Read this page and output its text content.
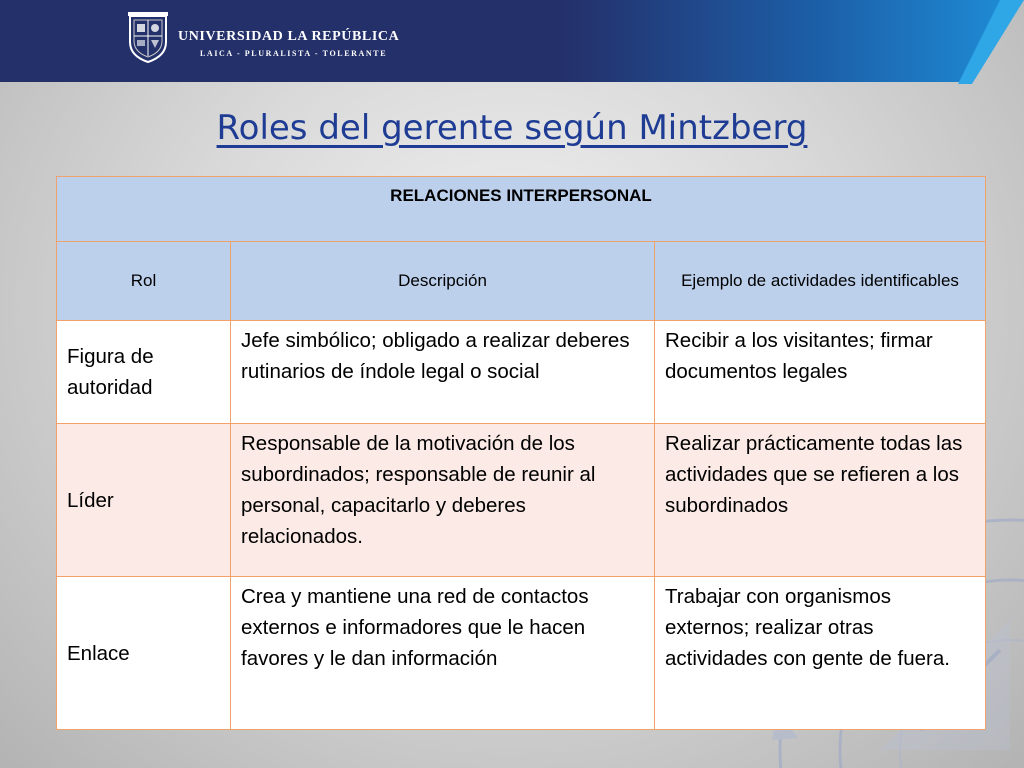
UNIVERSIDAD LA REPÚBLICA
LAICA - PLURALISTA - TOLERANTE
Roles del gerente según Mintzberg
RELACIONES INTERPERSONAL		

Rol	Descripción	Ejemplo de actividades identificables
Figura de autoridad	Jefe simbólico; obligado a realizar deberes rutinarios de índole legal o social	Recibir a los visitantes; firmar documentos legales
Líder	Responsable de la motivación de los subordinados; responsable de reunir al personal, capacitarlo y deberes relacionados.	Realizar prácticamente todas las actividades que se refieren a los subordinados
Enlace	Crea y mantiene una red de contactos externos e informadores que le hacen favores y le dan información	Trabajar con organismos externos; realizar otras actividades con gente de fuera.
